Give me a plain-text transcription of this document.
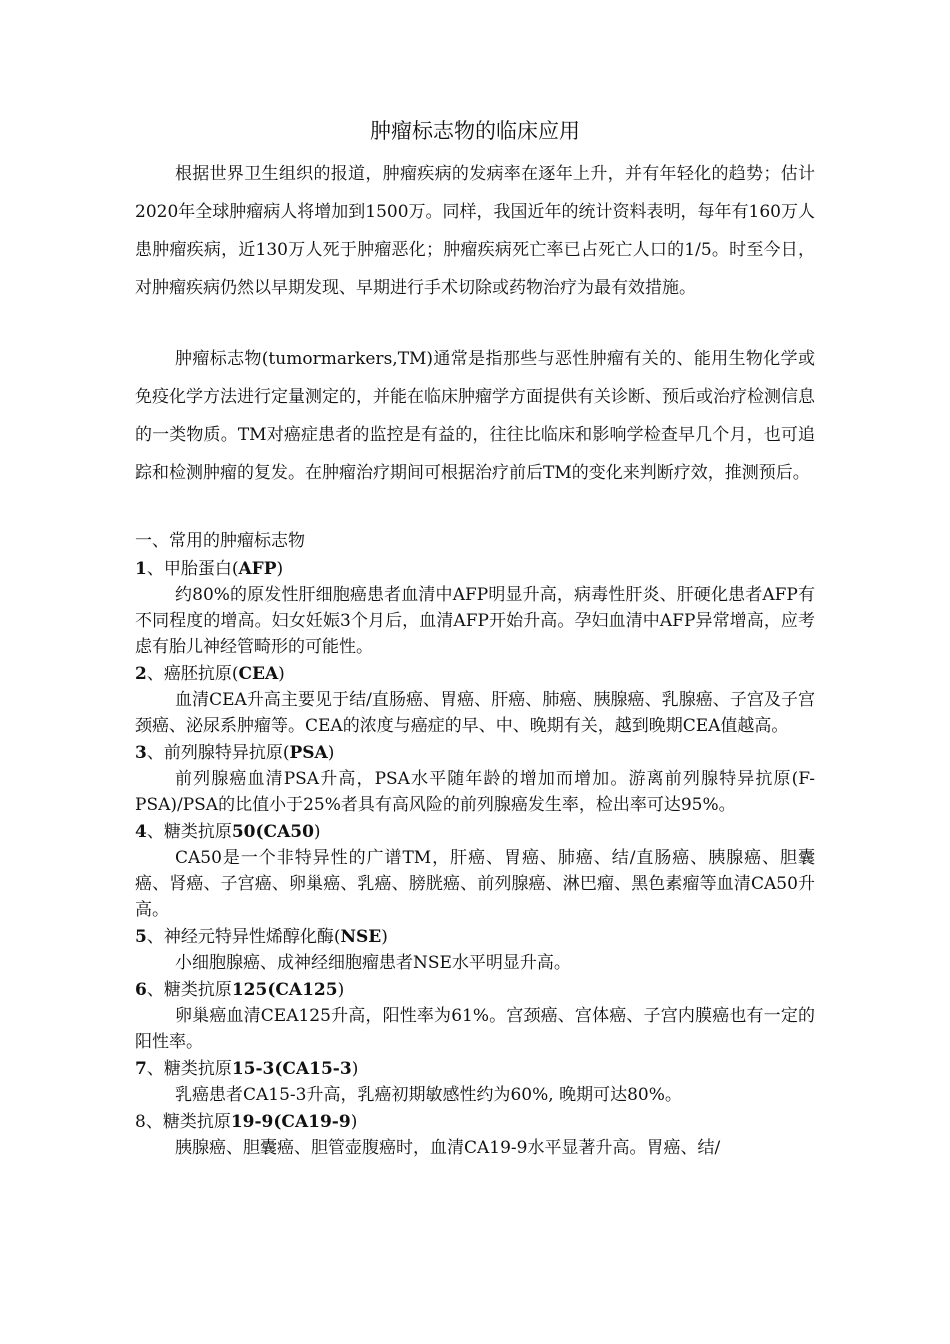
肿瘤标志物的临床应用

根据世界卫生组织的报道，肿瘤疾病的发病率在逐年上升，并有年轻化的趋势；估计2020年全球肿瘤病人将增加到1500万。同样，我国近年的统计资料表明，每年有160万人患肿瘤疾病，近130万人死于肿瘤恶化；肿瘤疾病死亡率已占死亡人口的1/5。时至今日，对肿瘤疾病仍然以早期发现、早期进行手术切除或药物治疗为最有效措施。

肿瘤标志物(tumormarkers,TM)通常是指那些与恶性肿瘤有关的、能用生物化学或免疫化学方法进行定量测定的，并能在临床肿瘤学方面提供有关诊断、预后或治疗检测信息的一类物质。TM对癌症患者的监控是有益的，往往比临床和影响学检查早几个月，也可追踪和检测肿瘤的复发。在肿瘤治疗期间可根据治疗前后TM的变化来判断疗效，推测预后。

一、常用的肿瘤标志物

1、甲胎蛋白(AFP)

约80%的原发性肝细胞癌患者血清中AFP明显升高，病毒性肝炎、肝硬化患者AFP有不同程度的增高。妇女妊娠3个月后，血清AFP开始升高。孕妇血清中AFP异常增高，应考虑有胎儿神经管畸形的可能性。

2、癌胚抗原(CEA)

血清CEA升高主要见于结/直肠癌、胃癌、肝癌、肺癌、胰腺癌、乳腺癌、子宫及子宫颈癌、泌尿系肿瘤等。CEA的浓度与癌症的早、中、晚期有关，越到晚期CEA值越高。

3、前列腺特异抗原(PSA)

前列腺癌血清PSA升高，PSA水平随年龄的增加而增加。游离前列腺特异抗原(F-PSA)/PSA的比值小于25%者具有高风险的前列腺癌发生率，检出率可达95%。

4、糖类抗原50(CA50)

CA50是一个非特异性的广谱TM，肝癌、胃癌、肺癌、结/直肠癌、胰腺癌、胆囊癌、肾癌、子宫癌、卵巢癌、乳癌、膀胱癌、前列腺癌、淋巴瘤、黑色素瘤等血清CA50升高。

5、神经元特异性烯醇化酶(NSE)

小细胞腺癌、成神经细胞瘤患者NSE水平明显升高。

6、糖类抗原125(CA125)

卵巢癌血清CEA125升高，阳性率为61%。宫颈癌、宫体癌、子宫内膜癌也有一定的阳性率。

7、糖类抗原15-3(CA15-3)

乳癌患者CA15-3升高，乳癌初期敏感性约为60%, 晚期可达80%。

8、糖类抗原19-9(CA19-9)

胰腺癌、胆囊癌、胆管壶腹癌时，血清CA19-9水平显著升高。胃癌、结/
